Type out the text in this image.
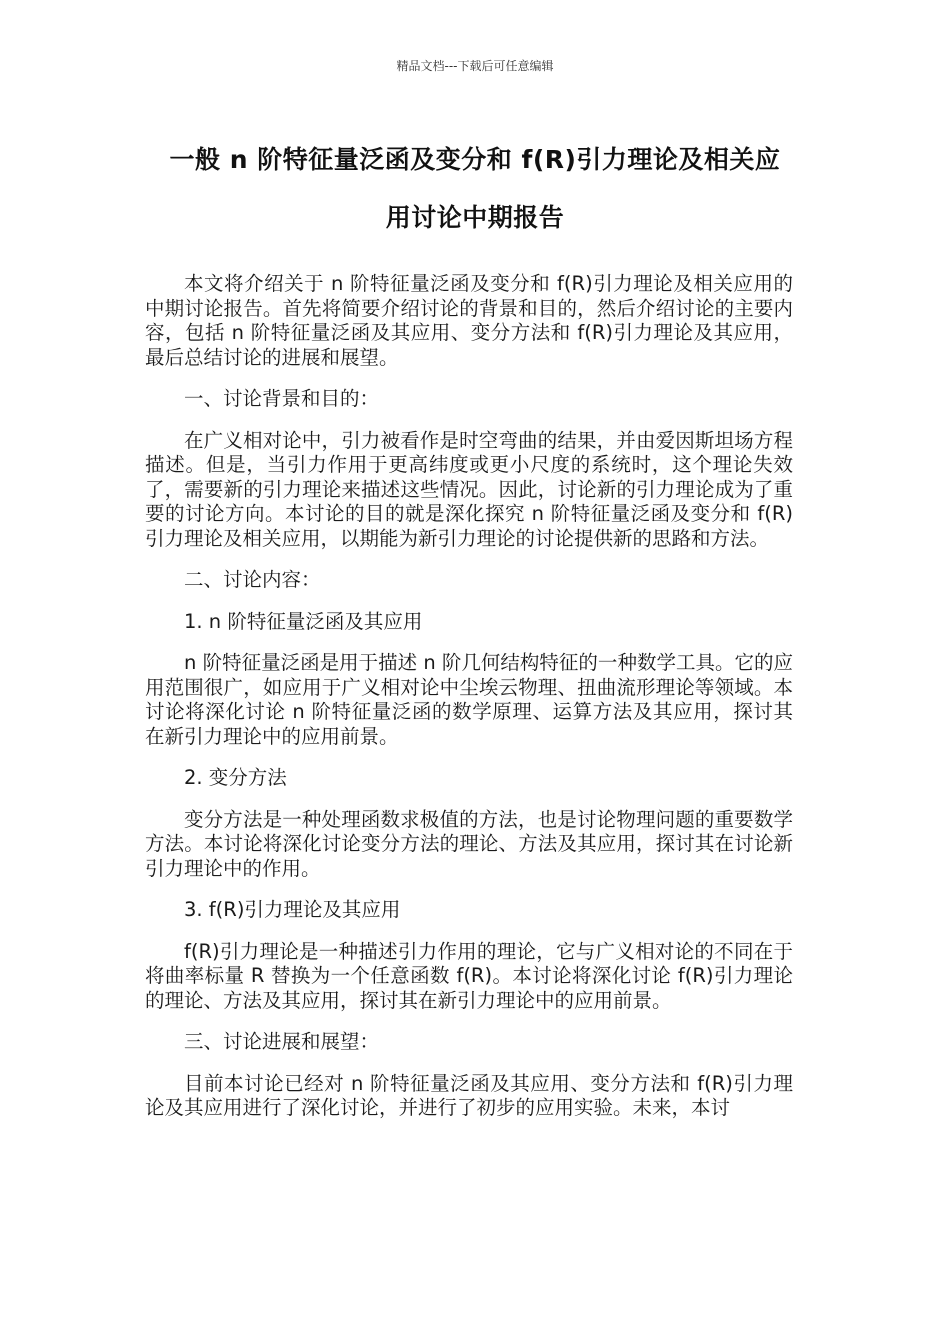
精品文档---下载后可任意编辑
一般 n 阶特征量泛函及变分和 f(R)引力理论及相关应
用讨论中期报告

本文将介绍关于 n 阶特征量泛函及变分和 f(R)引力理论及相关应用的中期讨论报告。首先将简要介绍讨论的背景和目的，然后介绍讨论的主要内容，包括 n 阶特征量泛函及其应用、变分方法和 f(R)引力理论及其应用，最后总结讨论的进展和展望。

一、讨论背景和目的：

在广义相对论中，引力被看作是时空弯曲的结果，并由爱因斯坦场方程描述。但是，当引力作用于更高纬度或更小尺度的系统时，这个理论失效了，需要新的引力理论来描述这些情况。因此，讨论新的引力理论成为了重要的讨论方向。本讨论的目的就是深化探究 n 阶特征量泛函及变分和 f(R)引力理论及相关应用，以期能为新引力理论的讨论提供新的思路和方法。

二、讨论内容：

1. n 阶特征量泛函及其应用

n 阶特征量泛函是用于描述 n 阶几何结构特征的一种数学工具。它的应用范围很广，如应用于广义相对论中尘埃云物理、扭曲流形理论等领域。本讨论将深化讨论 n 阶特征量泛函的数学原理、运算方法及其应用，探讨其在新引力理论中的应用前景。

2. 变分方法

变分方法是一种处理函数求极值的方法，也是讨论物理问题的重要数学方法。本讨论将深化讨论变分方法的理论、方法及其应用，探讨其在讨论新引力理论中的作用。

3. f(R)引力理论及其应用

f(R)引力理论是一种描述引力作用的理论，它与广义相对论的不同在于将曲率标量 R 替换为一个任意函数 f(R)。本讨论将深化讨论 f(R)引力理论的理论、方法及其应用，探讨其在新引力理论中的应用前景。

三、讨论进展和展望：

目前本讨论已经对 n 阶特征量泛函及其应用、变分方法和 f(R)引力理论及其应用进行了深化讨论，并进行了初步的应用实验。未来，本讨
